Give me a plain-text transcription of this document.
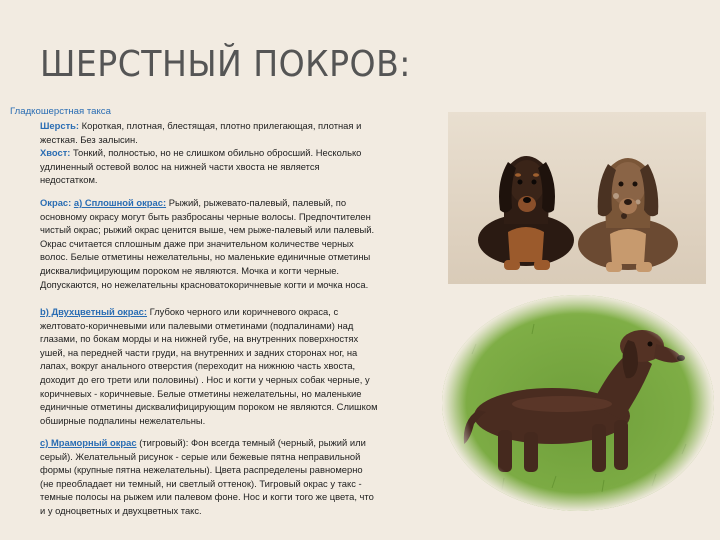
ШЕРСТНЫЙ ПОКРОВ:
Гладкошерстная такса
Шерсть: Короткая, плотная, блестящая, плотно прилегающая, плотная и
жесткая. Без залысин.
Хвост: Тонкий, полностью, но не слишком обильно обросший. Несколько
удлиненный остевой волос на нижней части хвоста не является
недостатком.
Окрас: а) Сплошной окрас: Рыжий, рыжевато-палевый, палевый, по
основному окрасу могут быть разбросаны черные волосы. Предпочтителен
чистый окрас; рыжий окрас ценится выше, чем рыже-палевый или палевый.
Окрас считается сплошным даже при значительном количестве черных
волос. Белые отметины нежелательны, но маленькие единичные отметины
дисквалифицирующим пороком не являются. Мочка и когти черные.
Допускаются, но нежелательны красноватокоричневые когти и мочка носа.
b) Двухцветный окрас: Глубоко черного или коричневого окраса, с
желтовато-коричневыми или палевыми отметинами (подпалинами) над
глазами, по бокам морды и на нижней губе, на внутренних поверхностях
ушей, на передней части груди, на внутренних и задних сторонах ног, на
лапах, вокруг анального отверстия (переходит на нижнюю часть хвоста,
доходит до его трети или половины) . Нос и когти у черных собак черные, у
коричневых - коричневые. Белые отметины нежелательны, но маленькие
единичные отметины дисквалифицирующим пороком не являются. Слишком
обширные подпалины нежелательны.
с) Мраморный окрас (тигровый): Фон всегда темный (черный, рыжий или
серый). Желательный рисунок - серые или бежевые пятна неправильной
формы (крупные пятна нежелательны). Цвета распределены равномерно
(не преобладает ни темный, ни светлый оттенок). Тигровый окрас у такс -
темные полосы на рыжем или палевом фоне. Нос и когти того же цвета, что
и у одноцветных и двухцветных такс.
